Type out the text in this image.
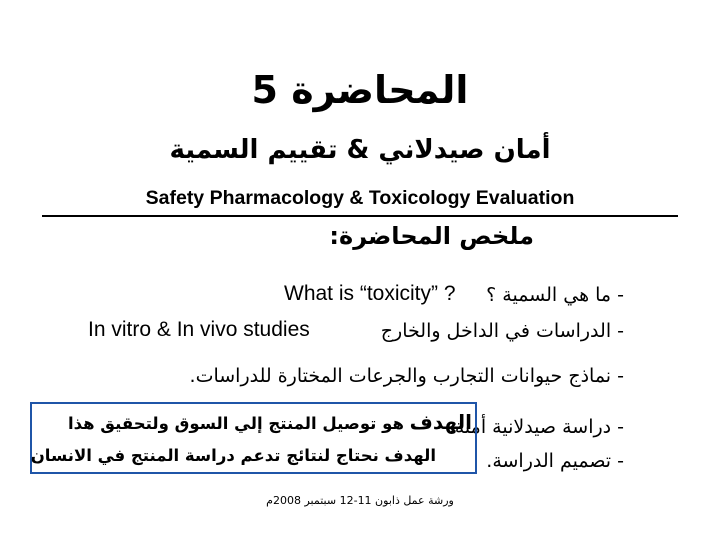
المحاضرة 5
أمان صيدلاني & تقييم السمية
Safety Pharmacology & Toxicology Evaluation
ملخص المحاضرة:
- ما هي السمية ؟
What is “toxicity” ?
- الدراسات في الداخل والخارج
In vitro & In vivo studies
- نماذج حيوانات التجارب والجرعات المختارة للدراسات.
- دراسة صيدلانية أمنة.
- تصميم الدراسة.
الهدف هو توصيل المنتج إلي السوق ولتحقيق هذا
الهدف نحتاج لنتائج تدعم دراسة المنتج في الانسان
ورشة عمل ذابون 11-12 سبتمبر 2008م
